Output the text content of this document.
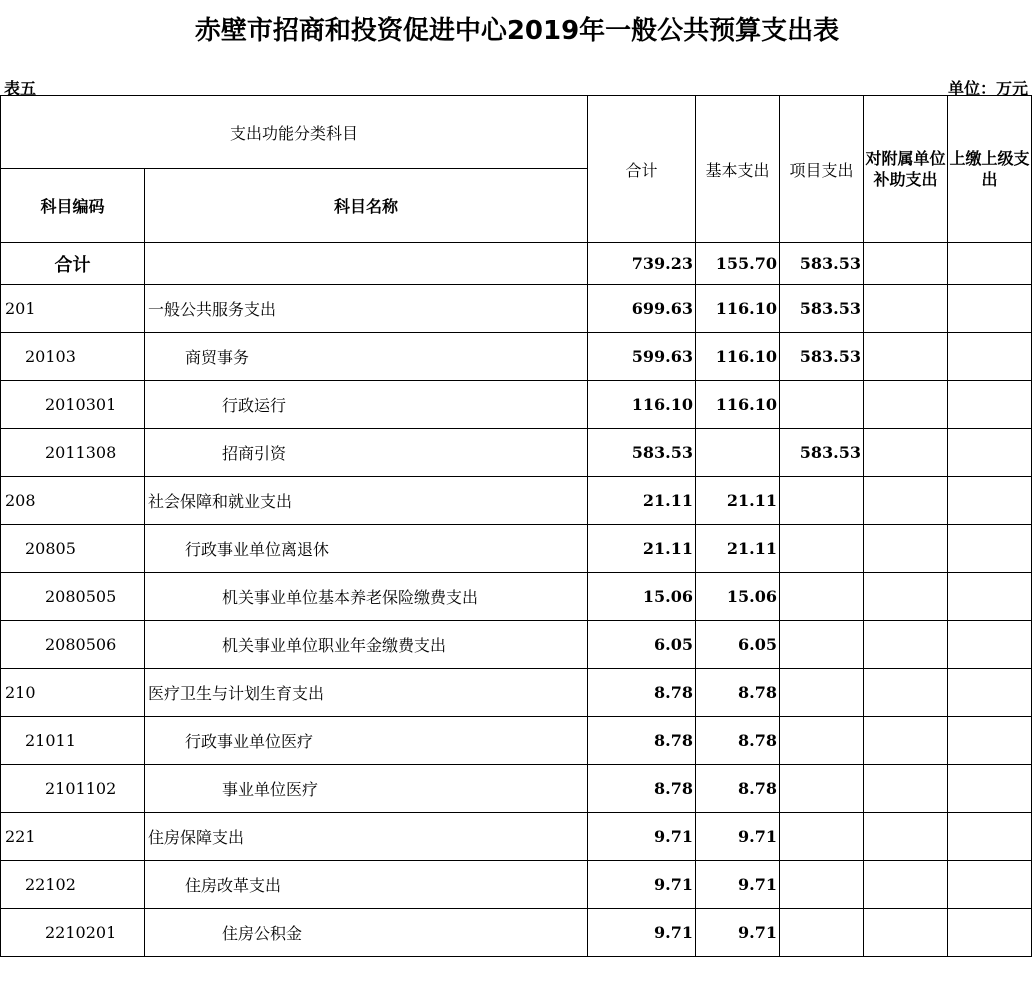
赤壁市招商和投资促进中心2019年一般公共预算支出表
表五	单位：万元
支出功能分类科目		合计	基本支出	项目支出	对附属单位补助支出	上缴上级支出
科目编码	科目名称					
合计		739.23	155.70	583.53		
201	一般公共服务支出	699.63	116.10	583.53		
20103	商贸事务	599.63	116.10	583.53		
2010301	行政运行	116.10	116.10			
2011308	招商引资	583.53		583.53		
208	社会保障和就业支出	21.11	21.11			
20805	行政事业单位离退休	21.11	21.11			
2080505	机关事业单位基本养老保险缴费支出	15.06	15.06			
2080506	机关事业单位职业年金缴费支出	6.05	6.05			
210	医疗卫生与计划生育支出	8.78	8.78			
21011	行政事业单位医疗	8.78	8.78			
2101102	事业单位医疗	8.78	8.78			
221	住房保障支出	9.71	9.71			
22102	住房改革支出	9.71	9.71			
2210201	住房公积金	9.71	9.71			
